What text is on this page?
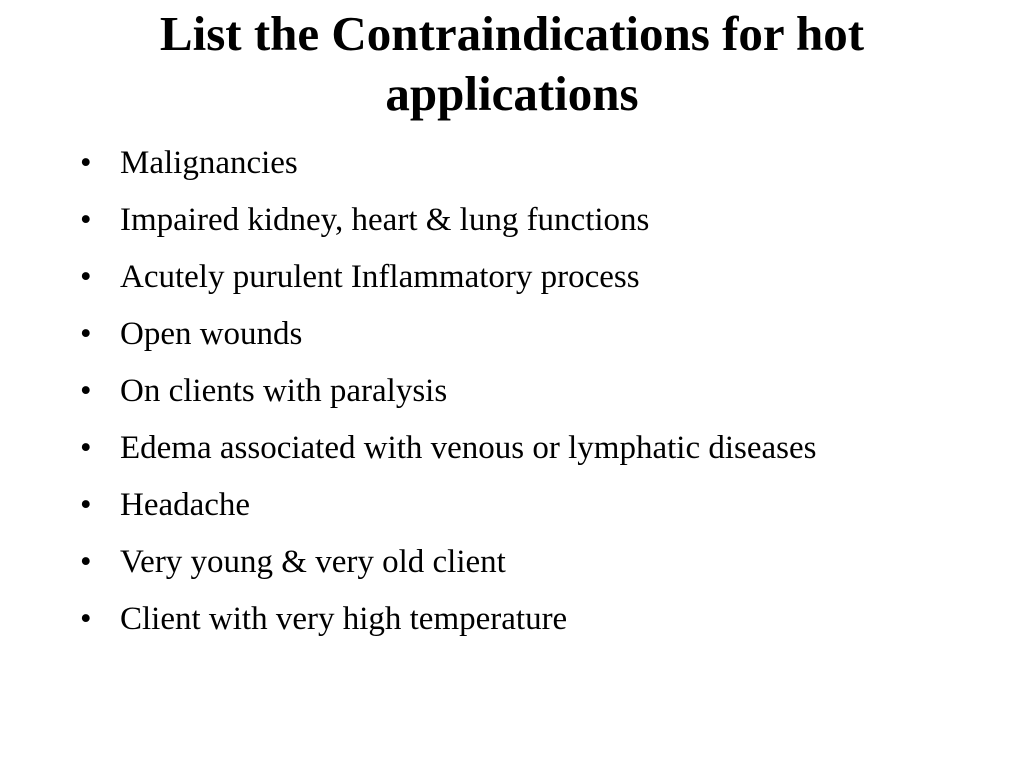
List the Contraindications for hot applications
• Malignancies
• Impaired kidney, heart & lung functions
• Acutely purulent Inflammatory process
• Open wounds
• On clients with paralysis
• Edema associated with venous or lymphatic diseases
• Headache
• Very young & very old client
• Client with very high temperature
